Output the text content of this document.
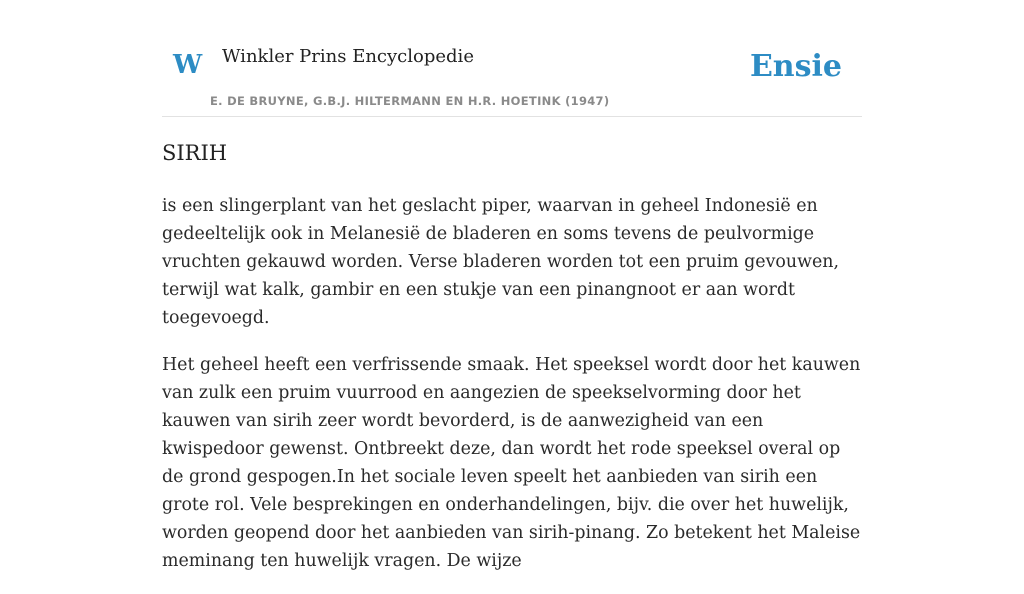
W Winkler Prins Encyclopedie
E. DE BRUYNE, G.B.J. HILTERMANN EN H.R. HOETINK (1947)
Ensie
SIRIH

is een slingerplant van het geslacht piper, waarvan in geheel Indonesië en gedeeltelijk ook in Melanesië de bladeren en soms tevens de peulvormige vruchten gekauwd worden. Verse bladeren worden tot een pruim gevouwen, terwijl wat kalk, gambir en een stukje van een pinangnoot er aan wordt toegevoegd.

Het geheel heeft een verfrissende smaak. Het speeksel wordt door het kauwen van zulk een pruim vuurrood en aangezien de speekselvorming door het kauwen van sirih zeer wordt bevorderd, is de aanwezigheid van een kwispedoor gewenst. Ontbreekt deze, dan wordt het rode speeksel overal op de grond gespogen.In het sociale leven speelt het aanbieden van sirih een grote rol. Vele besprekingen en onderhandelingen, bijv. die over het huwelijk, worden geopend door het aanbieden van sirih-pinang. Zo betekent het Maleise meminang ten huwelijk vragen. De wijze
